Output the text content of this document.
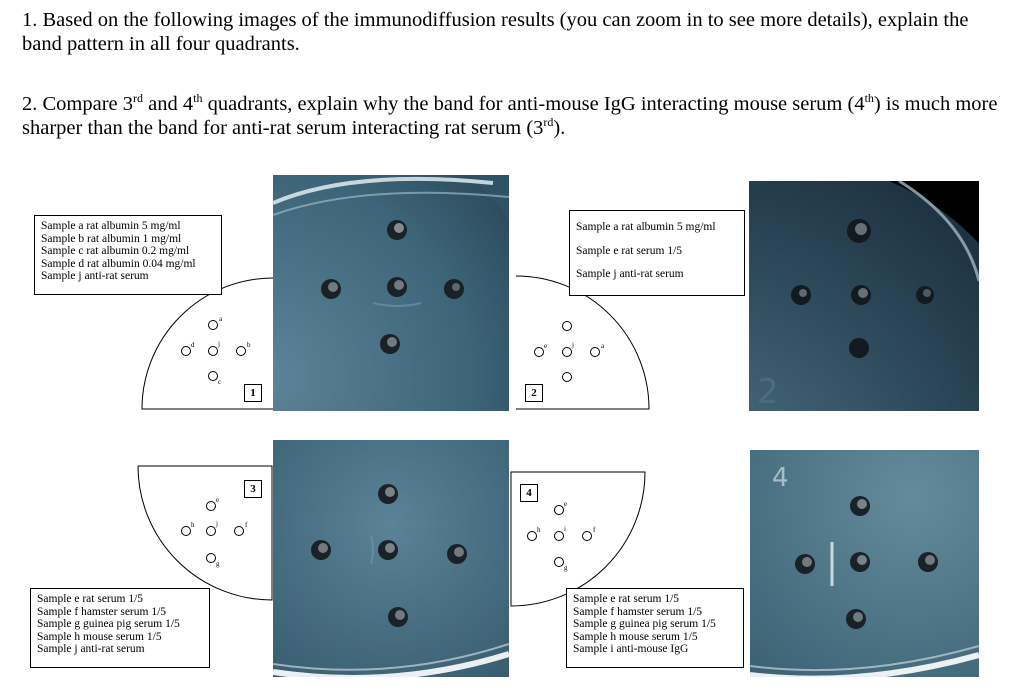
1. Based on the following images of the immunodiffusion results (you can zoom in to see more details), explain the band pattern in all four quadrants.

2. Compare 3rd and 4th quadrants, explain why the band for anti-mouse IgG interacting mouse serum (4th) is much more sharper than the band for anti-rat serum interacting rat serum (3rd).

Sample a rat albumin 5 mg/ml
Sample b rat albumin 1 mg/ml
Sample c rat albumin 0.2 mg/ml
Sample d rat albumin 0.04 mg/ml
Sample j anti-rat serum
a
d	j	b
c
1
Sample a rat albumin 5 mg/ml
Sample e rat serum 1/5
Sample j anti-rat serum
e	j	a
2	2
e
h	j	f
g
3
Sample e rat serum 1/5
Sample f hamster serum 1/5
Sample g guinea pig serum 1/5
Sample h mouse serum 1/5
Sample j anti-rat serum
e
h	i	f
g
4
Sample e rat serum 1/5
Sample f hamster serum 1/5
Sample g guinea pig serum 1/5
Sample h mouse serum 1/5
Sample i anti-mouse IgG
4
